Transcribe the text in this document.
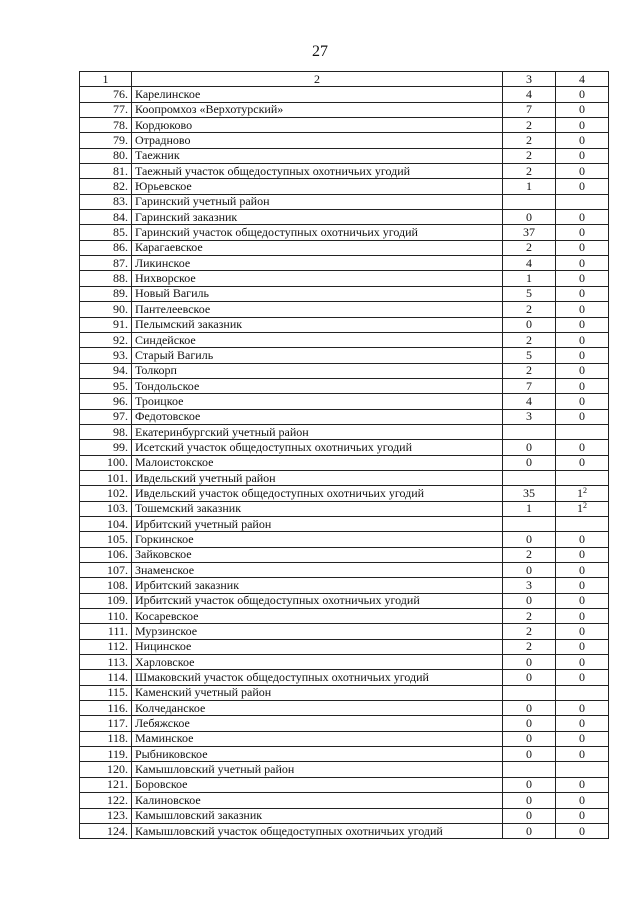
27
1	2	3	4
76.	Карелинское	4	0
77.	Коопромхоз «Верхотурский»	7	0
78.	Кордюково	2	0
79.	Отрадново	2	0
80.	Таежник	2	0
81.	Таежный участок общедоступных охотничьих угодий	2	0
82.	Юрьевское	1	0
83.	Гаринский учетный район		
84.	Гаринский заказник	0	0
85.	Гаринский участок общедоступных охотничьих угодий	37	0
86.	Карагаевское	2	0
87.	Ликинское	4	0
88.	Нихворское	1	0
89.	Новый Вагиль	5	0
90.	Пантелеевское	2	0
91.	Пелымский заказник	0	0
92.	Синдейское	2	0
93.	Старый Вагиль	5	0
94.	Толкорп	2	0
95.	Тондольское	7	0
96.	Троицкое	4	0
97.	Федотовское	3	0
98.	Екатеринбургский учетный район		
99.	Исетский участок общедоступных охотничьих угодий	0	0
100.	Малоистокское	0	0
101.	Ивдельский учетный район		
102.	Ивдельский участок общедоступных охотничьих угодий	35	$1^2$
103.	Тошемский заказник	1	$1^2$
104.	Ирбитский учетный район		
105.	Горкинское	0	0
106.	Зайковское	2	0
107.	Знаменское	0	0
108.	Ирбитский заказник	3	0
109.	Ирбитский участок общедоступных охотничьих угодий	0	0
110.	Косаревское	2	0
111.	Мурзинское	2	0
112.	Ницинское	2	0
113.	Харловское	0	0
114.	Шмаковский участок общедоступных охотничьих угодий	0	0
115.	Каменский учетный район		
116.	Колчеданское	0	0
117.	Лебяжское	0	0
118.	Маминское	0	0
119.	Рыбниковское	0	0
120.	Камышловский учетный район		
121.	Боровское	0	0
122.	Калиновское	0	0
123.	Камышловский заказник	0	0
124.	Камышловский участок общедоступных охотничьих угодий	0	0
